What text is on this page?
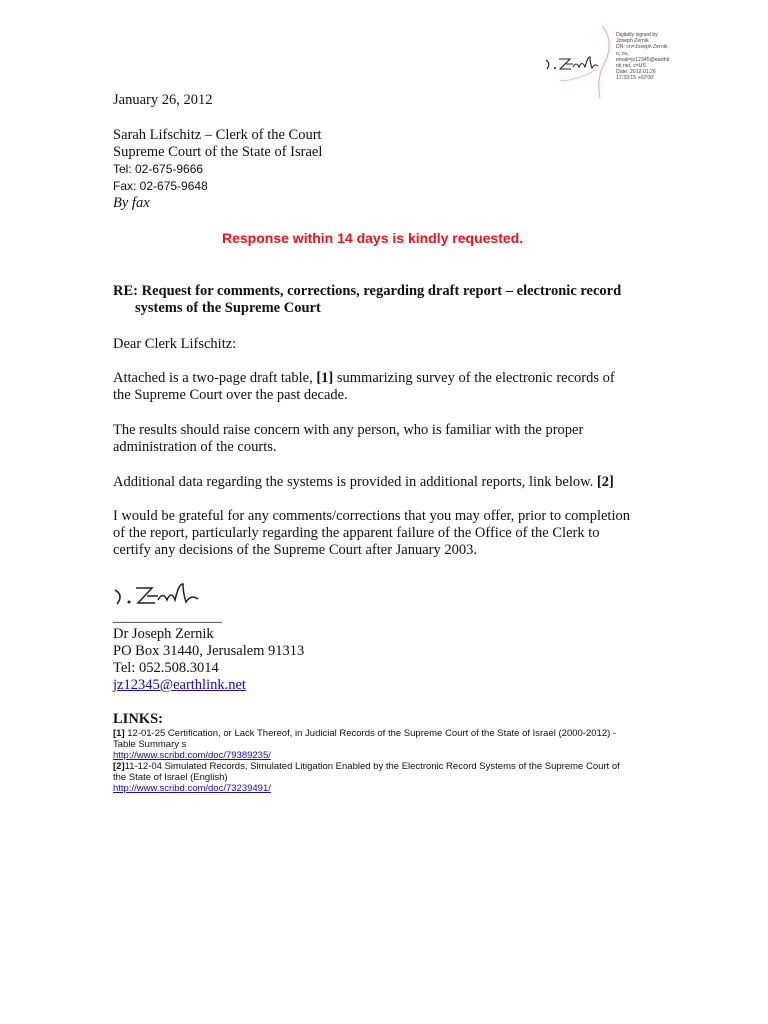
Digitally signed by
Joseph Zernik
DN: cn=Joseph Zernik,
o, ou,
email=jz12345@earthli
nk.net, c=US
Date: 2012.01.26
17:33:15 +02'00'
January 26, 2012
Sarah Lifschitz – Clerk of the Court
Supreme Court of the State of Israel
Tel: 02-675-9666
Fax: 02-675-9648
By fax
Response within 14 days is kindly requested.
RE: Request for comments, corrections, regarding draft report – electronic record
systems of the Supreme Court
Dear Clerk Lifschitz:
Attached is a two-page draft table, [1] summarizing survey of the electronic records of
the Supreme Court over the past decade.
The results should raise concern with any person, who is familiar with the proper
administration of the courts.
Additional data regarding the systems is provided in additional reports, link below. [2]
I would be grateful for any comments/corrections that you may offer, prior to completion
of the report, particularly regarding the apparent failure of the Office of the Clerk to
certify any decisions of the Supreme Court after January 2003.
_______________
Dr Joseph Zernik
PO Box 31440, Jerusalem 91313
Tel: 052.508.3014
jz12345@earthlink.net
LINKS:
[1] 12-01-25 Certification, or Lack Thereof, in Judicial Records of the Supreme Court of the State of Israel (2000-2012) -
Table Summary s
http://www.scribd.com/doc/79389235/
[2]11-12-04 Simulated Records, Simulated Litigation Enabled by the Electronic Record Systems of the Supreme Court of
the State of Israel (English)
http://www.scribd.com/doc/73239491/
